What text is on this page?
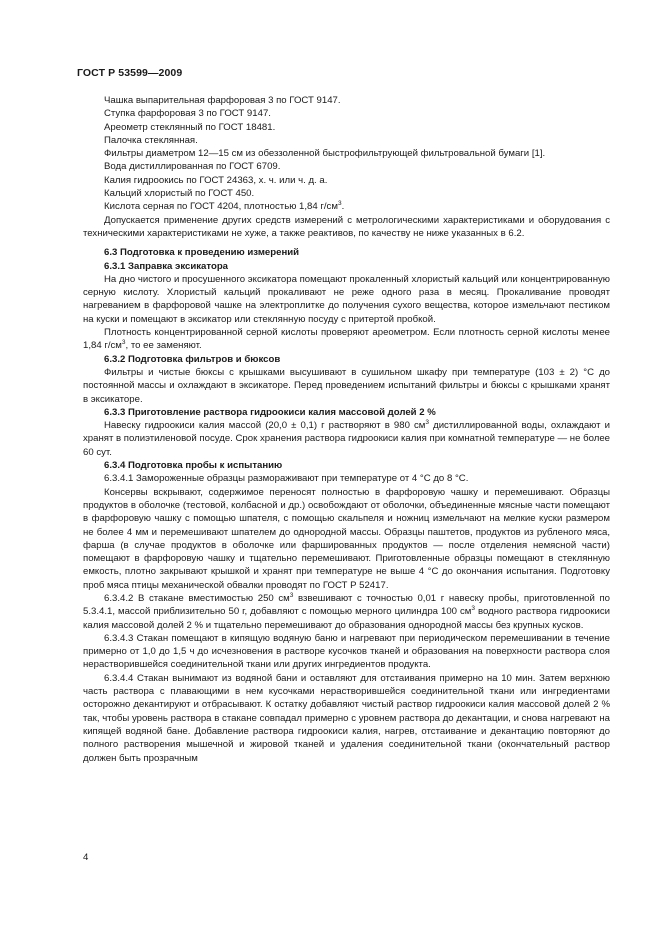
ГОСТ Р 53599—2009

Чашка выпарительная фарфоровая 3 по ГОСТ 9147.

Ступка фарфоровая 3 по ГОСТ 9147.

Ареометр стеклянный по ГОСТ 18481.

Палочка стеклянная.

Фильтры диаметром 12—15 см из обеззоленной быстрофильтрующей фильтровальной бумаги [1].

Вода дистиллированная по ГОСТ 6709.

Калия гидроокись по ГОСТ 24363, х. ч. или ч. д. а.

Кальций хлористый по ГОСТ 450.

Кислота серная по ГОСТ 4204, плотностью 1,84 $г/см^3$.

Допускается применение других средств измерений с метрологическими характеристиками и оборудования с техническими характеристиками не хуже, а также реактивов, по качеству не ниже указанных в 6.2.

6.3 Подготовка к проведению измерений

6.3.1 Заправка эксикатора

На дно чистого и просушенного эксикатора помещают прокаленный хлористый кальций или концентрированную серную кислоту. Хлористый кальций прокаливают не реже одного раза в месяц. Прокаливание проводят нагреванием в фарфоровой чашке на электроплитке до получения сухого вещества, которое измельчают пестиком на куски и помещают в эксикатор или стеклянную посуду с притертой пробкой.

Плотность концентрированной серной кислоты проверяют ареометром. Если плотность серной кислоты менее 1,84 $г/см^3$, то ее заменяют.

6.3.2 Подготовка фильтров и бюксов

Фильтры и чистые бюксы с крышками высушивают в сушильном шкафу при температуре (103 ± 2) °С до постоянной массы и охлаждают в эксикаторе. Перед проведением испытаний фильтры и бюксы с крышками хранят в эксикаторе.

6.3.3 Приготовление раствора гидроокиси калия массовой долей 2 %

Навеску гидроокиси калия массой (20,0 ± 0,1) г растворяют в 980 $см^3$ дистиллированной воды, охлаждают и хранят в полиэтиленовой посуде. Срок хранения раствора гидроокиси калия при комнатной температуре — не более 60 сут.

6.3.4 Подготовка пробы к испытанию

6.3.4.1 Замороженные образцы размораживают при температуре от 4 °С до 8 °С.

Консервы вскрывают, содержимое переносят полностью в фарфоровую чашку и перемешивают. Образцы продуктов в оболочке (тестовой, колбасной и др.) освобождают от оболочки, объединенные мясные части помещают в фарфоровую чашку с помощью шпателя, с помощью скальпеля и ножниц измельчают на мелкие куски размером не более 4 мм и перемешивают шпателем до однородной массы. Образцы паштетов, продуктов из рубленого мяса, фарша (в случае продуктов в оболочке или фаршированных продуктов — после отделения немясной части) помещают в фарфоровую чашку и тщательно перемешивают. Приготовленные образцы помещают в стеклянную емкость, плотно закрывают крышкой и хранят при температуре не выше 4 °С до окончания испытания. Подготовку проб мяса птицы механической обвалки проводят по ГОСТ Р 52417.

6.3.4.2 В стакане вместимостью 250 $см^3$ взвешивают с точностью 0,01 г навеску пробы, приготовленной по 5.3.4.1, массой приблизительно 50 г, добавляют с помощью мерного цилиндра 100 $см^3$ водного раствора гидроокиси калия массовой долей 2 % и тщательно перемешивают до образования однородной массы без крупных кусков.

6.3.4.3 Стакан помещают в кипящую водяную баню и нагревают при периодическом перемешивании в течение примерно от 1,0 до 1,5 ч до исчезновения в растворе кусочков тканей и образования на поверхности раствора слоя нерастворившейся соединительной ткани или других ингредиентов продукта.

6.3.4.4 Стакан вынимают из водяной бани и оставляют для отстаивания примерно на 10 мин. Затем верхнюю часть раствора с плавающими в нем кусочками нерастворившейся соединительной ткани или ингредиентами осторожно декантируют и отбрасывают. К остатку добавляют чистый раствор гидроокиси калия массовой долей 2 % так, чтобы уровень раствора в стакане совпадал примерно с уровнем раствора до декантации, и снова нагревают на кипящей водяной бане. Добавление раствора гидроокиси калия, нагрев, отстаивание и декантацию повторяют до полного растворения мышечной и жировой тканей и удаления соединительной ткани (окончательный раствор должен быть прозрачным

4
